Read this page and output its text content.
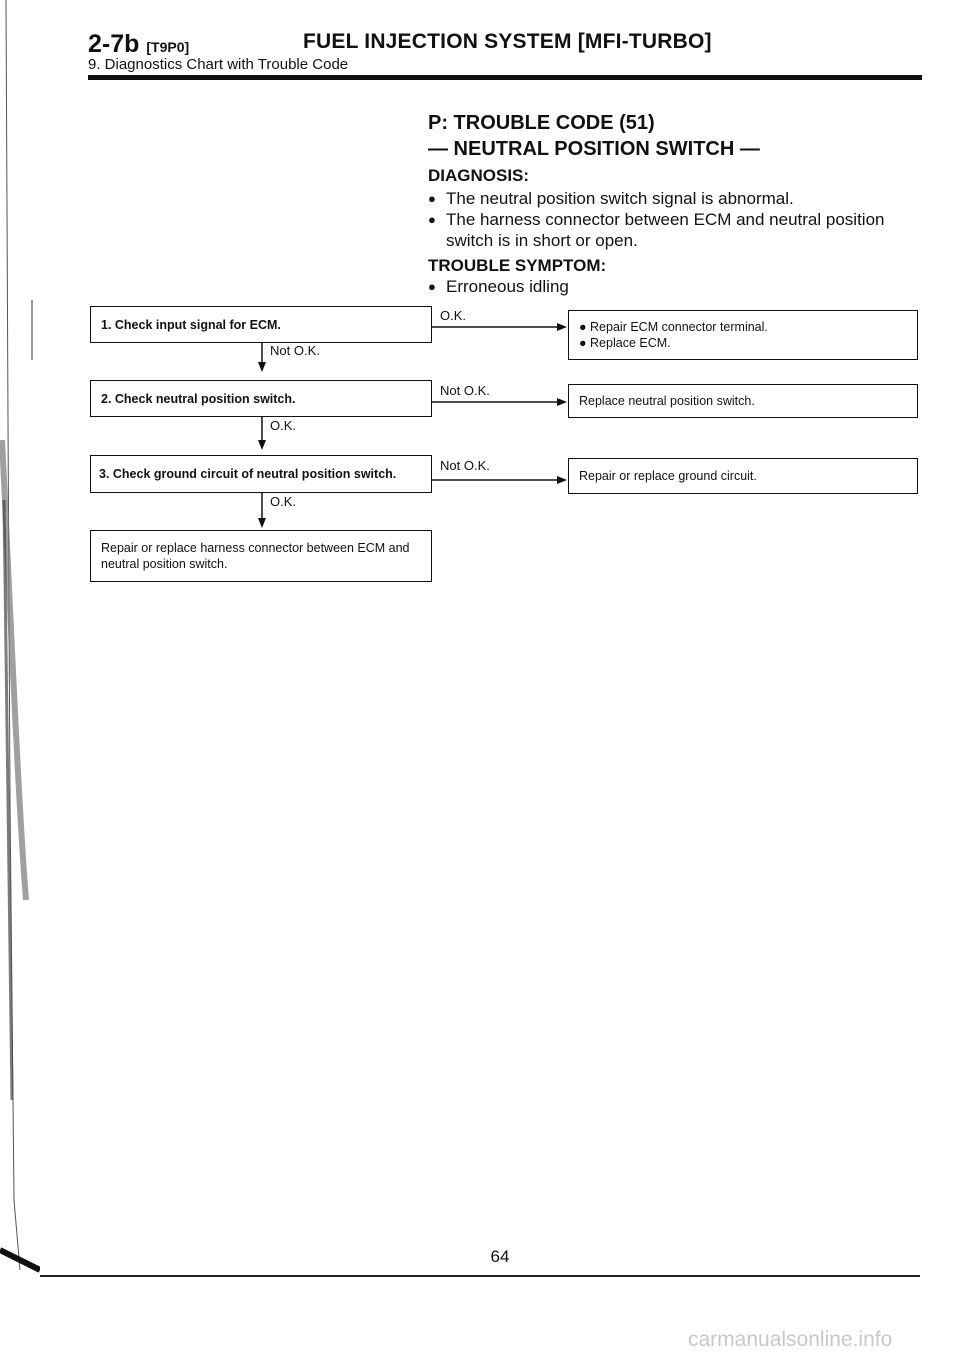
2-7b [T9P0]	FUEL INJECTION SYSTEM [MFI-TURBO]
9. Diagnostics Chart with Trouble Code
P: TROUBLE CODE (51)
— NEUTRAL POSITION SWITCH —
DIAGNOSIS:
● The neutral position switch signal is abnormal.
● The harness connector between ECM and neutral position switch is in short or open.
TROUBLE SYMPTOM:
● Erroneous idling
1. Check input signal for ECM.
2. Check neutral position switch.
3. Check ground circuit of neutral position switch.
Repair or replace harness connector between ECM and neutral position switch.
Not O.K.
O.K.
O.K.
O.K.
Not O.K.
Not O.K.
● Repair ECM connector terminal.
● Replace ECM.
Replace neutral position switch.
Repair or replace ground circuit.
64
carmanualsonline.info
